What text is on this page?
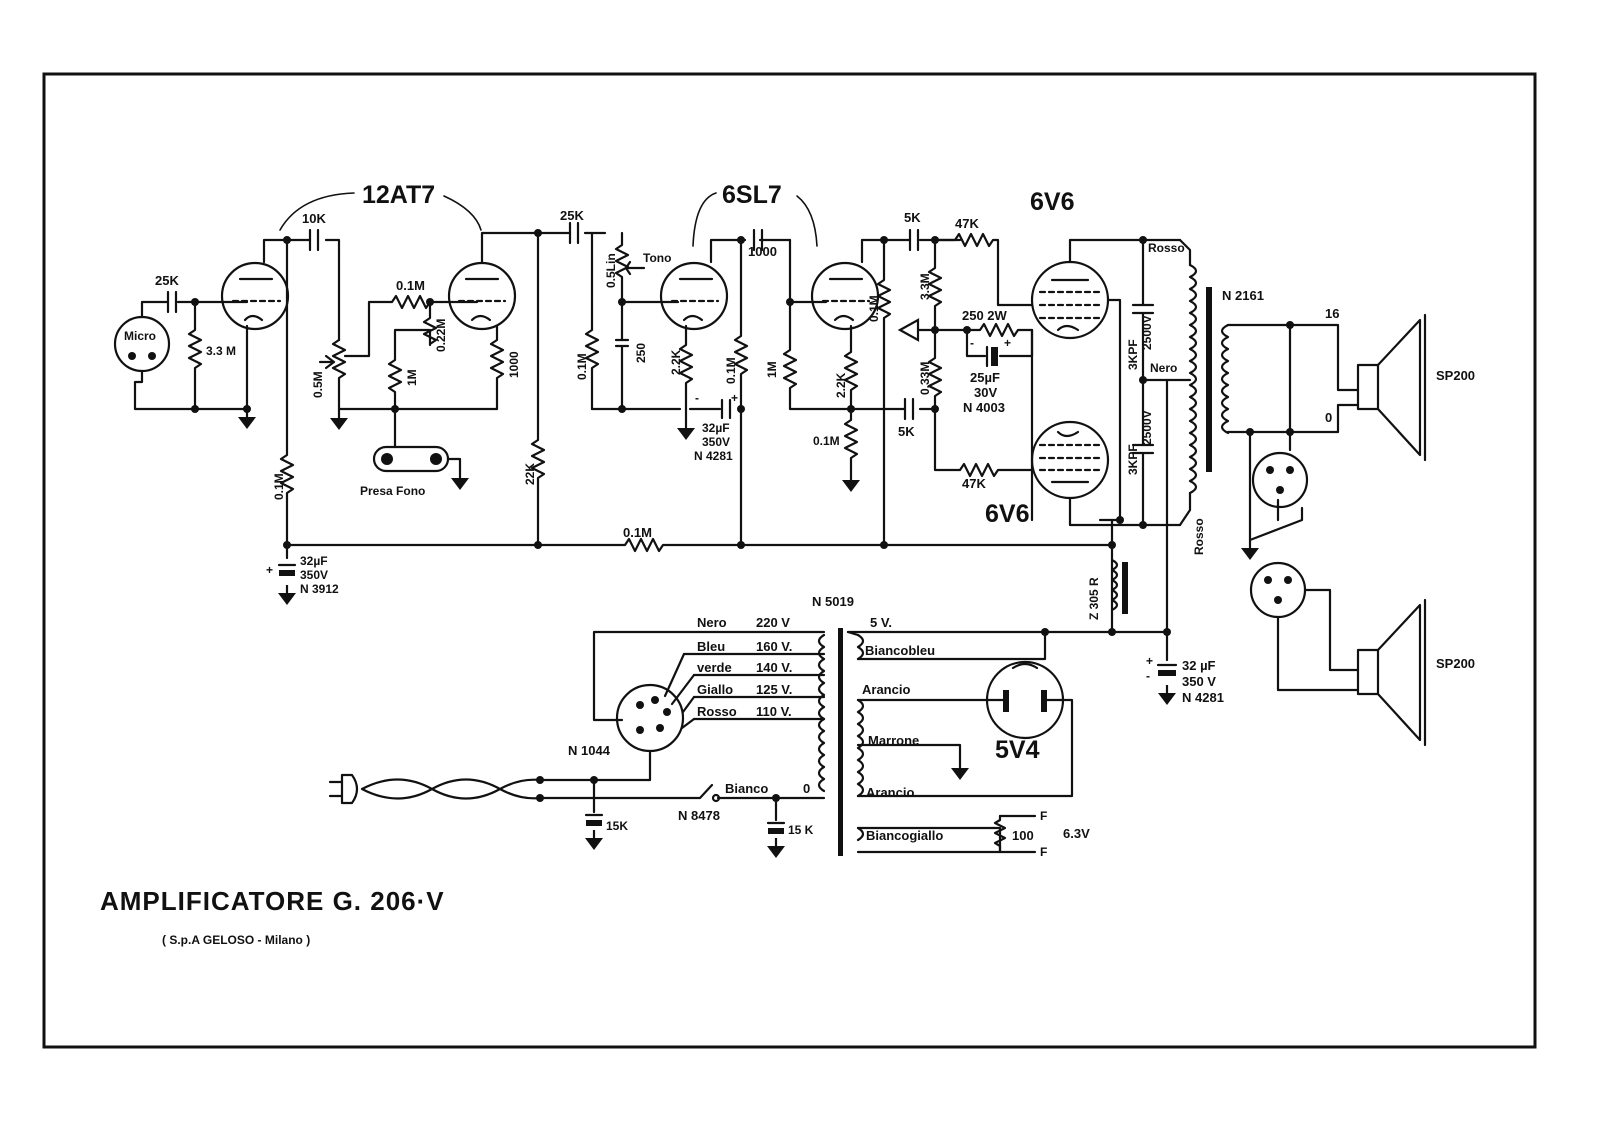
AMPLIFICATORE G. 206·V
( S.p.A GELOSO - Milano )
Micro
25K
3.3 M
12AT7
10K
0.1M
0.5M
0.1M
1M
0.22M
Presa Fono
1000
25K
22K
Tono
0.5Lin
0.1M
250
6SL7
1000
2.2K	0.1M
-	+
32µF
350V
N 4281
1M
0.1M
2.2K
0.1M
5K
5K
47K
47K
3.3M
0.33M
250 2W
-	+
25µF
30V
N 4003
6V6
6V6
3KPF
2500V
3KPF
2500V
0.1M
Z 305 R
+
32µF
350V
N 3912
N 2161
Rosso
Nero
Rosso
16
0
SP200
SP200
+
-
32 µF
350 V
N 4281
N 5019
Nero 220 V
Bleu 160 V.
verde 140 V.
Giallo 125 V.
Rosso 110 V.
N 1044
N 8478
Bianco	0
15K	15 K
5 V.
Biancobleu
Arancio
Marrone
Arancio
Biancogiallo	100
F
F
6.3V
5V4
